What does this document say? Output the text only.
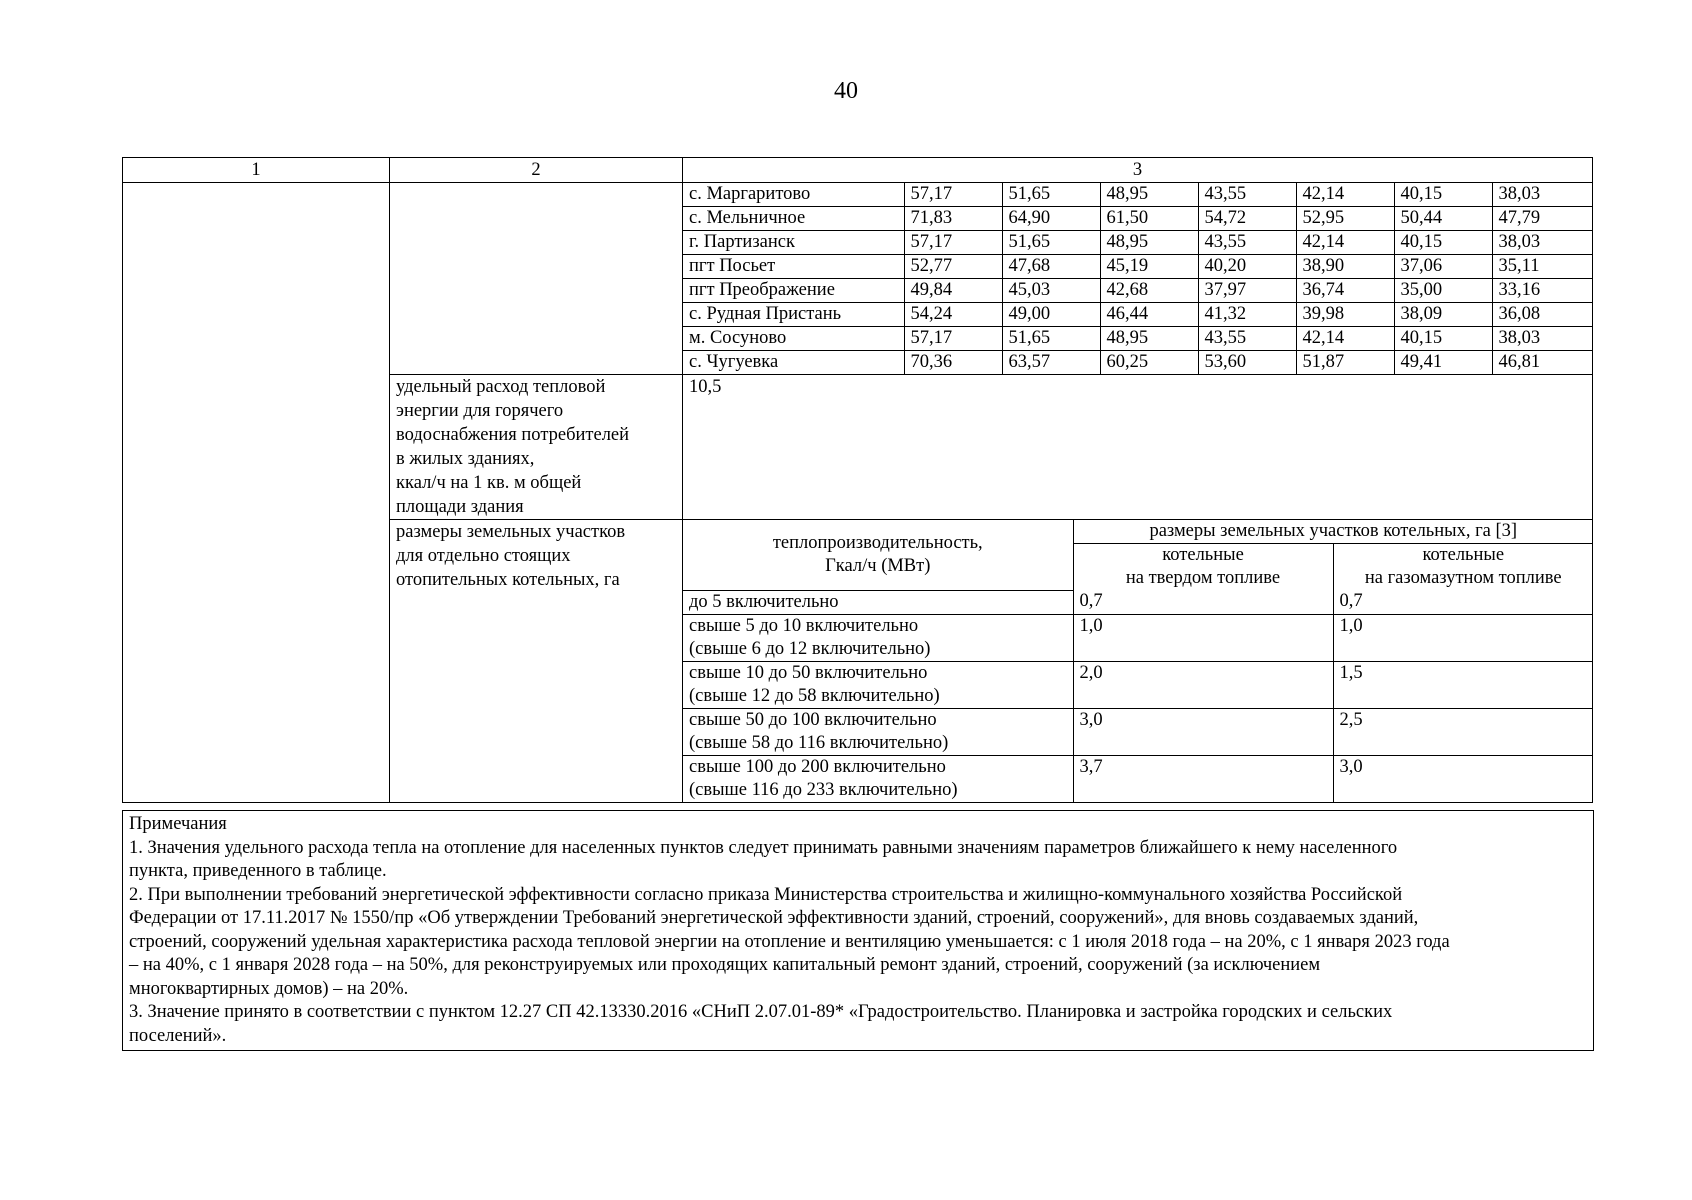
40
1	2	3

с. Маргаритово	57,17	51,65	48,95	43,55	42,14	40,15	38,03
с. Мельничное	71,83	64,90	61,50	54,72	52,95	50,44	47,79
г. Партизанск	57,17	51,65	48,95	43,55	42,14	40,15	38,03
пгт Посьет	52,77	47,68	45,19	40,20	38,90	37,06	35,11
пгт Преображение	49,84	45,03	42,68	37,97	36,74	35,00	33,16
с. Рудная Пристань	54,24	49,00	46,44	41,32	39,98	38,09	36,08
м. Сосуново	57,17	51,65	48,95	43,55	42,14	40,15	38,03
с. Чугуевка	70,36	63,57	60,25	53,60	51,87	49,41	46,81

удельный расход тепловой
энергии для горячего
водоснабжения потребителей
в жилых зданиях,
ккал/ч на 1 кв. м общей
площади здания
	10,5

размеры земельных участков
для отдельно стоящих
отопительных котельных, га

теплопроизводительность,
Гкал/ч (МВт)
	размеры земельных участков котельных, га [3]

котельные
на твердом топливе

котельные
на газомазутном топливе

до 5 включительно	0,7	0,7

свыше 5 до 10 включительно
(свыше 6 до 12 включительно)
	1,0	1,0

свыше 10 до 50 включительно
(свыше 12 до 58 включительно)
	2,0	1,5

свыше 50 до 100 включительно
(свыше 58 до 116 включительно)
	3,0	2,5

свыше 100 до 200 включительно
(свыше 116 до 233 включительно)
	3,7	3,0
Примечания
1. Значения удельного расхода тепла на отопление для населенных пунктов следует принимать равными значениям параметров ближайшего к нему населенного
пункта, приведенного в таблице.
2. При выполнении требований энергетической эффективности согласно приказа Министерства строительства и жилищно-коммунального хозяйства Российской
Федерации от 17.11.2017 № 1550/пр «Об утверждении Требований энергетической эффективности зданий, строений, сооружений», для вновь создаваемых зданий,
строений, сооружений удельная характеристика расхода тепловой энергии на отопление и вентиляцию уменьшается: с 1 июля 2018 года – на 20%, с 1 января 2023 года
– на 40%, с 1 января 2028 года – на 50%, для реконструируемых или проходящих капитальный ремонт зданий, строений, сооружений (за исключением
многоквартирных домов) – на 20%.
3. Значение принято в соответствии с пунктом 12.27 СП 42.13330.2016 «СНиП 2.07.01-89* «Градостроительство. Планировка и застройка городских и сельских
поселений».
